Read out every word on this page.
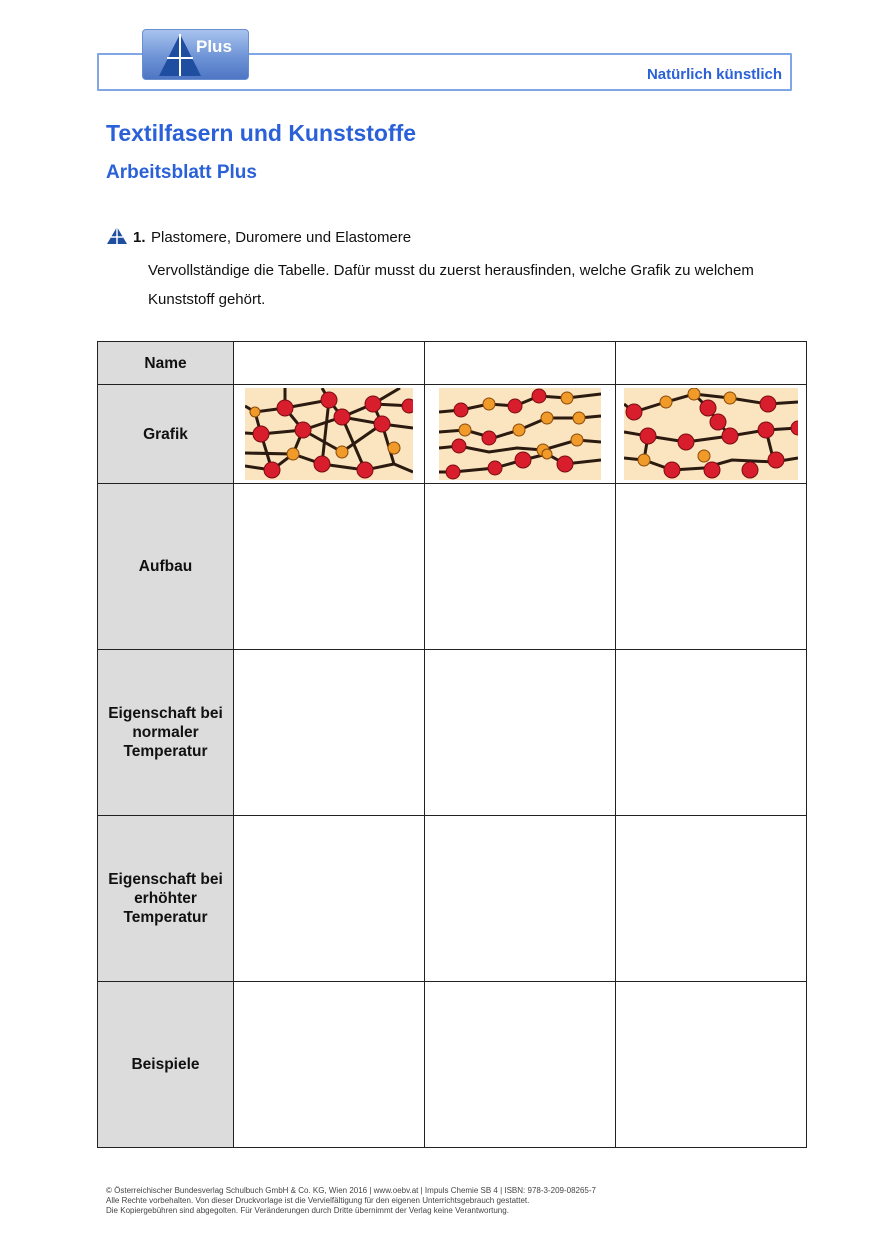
Natürlich künstlich
Plus
Textilfasern und Kunststoffe
Arbeitsblatt Plus
1. Plastomere, Duromere und Elastomere
Vervollständige die Tabelle. Dafür musst du zuerst herausfinden, welche Grafik zu welchem Kunststoff gehört.
Name			
Grafik	

Aufbau			
Eigenschaft bei normaler Temperatur			
Eigenschaft bei erhöhter Temperatur			
Beispiele			
© Österreichischer Bundesverlag Schulbuch GmbH & Co. KG, Wien 2016 | www.oebv.at | Impuls Chemie SB 4 | ISBN: 978-3-209-08265-7
Alle Rechte vorbehalten. Von dieser Druckvorlage ist die Vervielfältigung für den eigenen Unterrichtsgebrauch gestattet.
Die Kopiergebühren sind abgegolten. Für Veränderungen durch Dritte übernimmt der Verlag keine Verantwortung.
